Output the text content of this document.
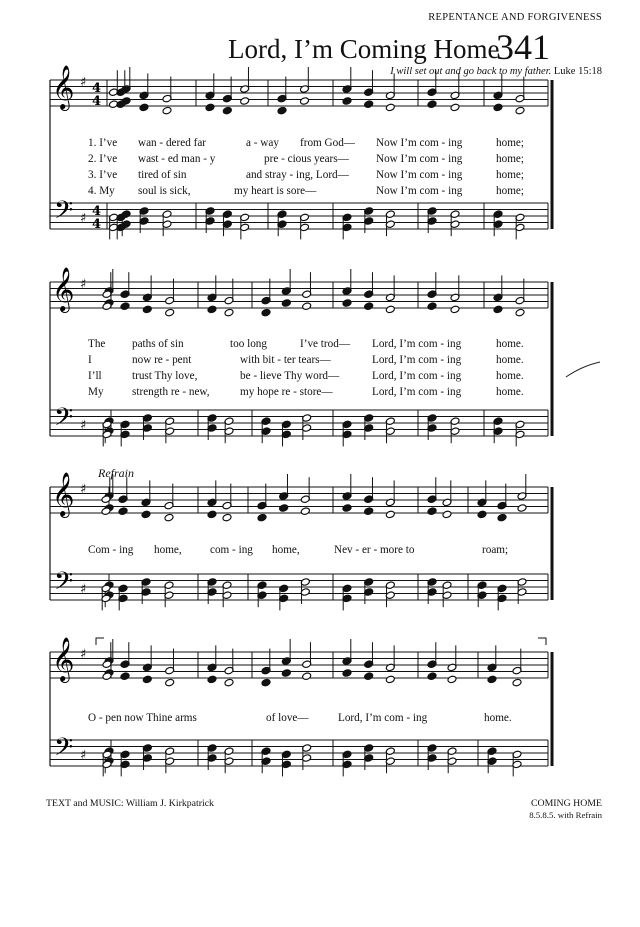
REPENTANCE AND FORGIVENESS
Lord, I’m Coming Home
341
I will set out and go back to my father. Luke 15:18
𝄞
𝄢
♯
♯
4
4
4
4
𝄞
𝄢
♯
♯
𝄞
𝄢
♯
♯
𝄞
𝄢
♯
♯
Refrain
1. I’ve wan - dered far	a - way from God— Now I’m com - ing	home;
2. I’ve wast - ed man - y	pre - cious years— Now I’m com - ing	home;
3. I’ve tired of sin	and stray - ing, Lord— Now I’m com - ing	home;
4. My soul is sick,	my heart is sore—	Now I’m com - ing	home;
The paths of sin	too long	I’ve trod— Lord, I’m com - ing	home.
I	now re - pent	with bit - ter tears—	Lord, I’m com - ing	home.
I’ll	trust Thy love,	be - lieve Thy word—	Lord, I’m com - ing	home.
My	strength re - new,	my hope re - store—	Lord, I’m com - ing	home.
Com - ing home,	com - ing home,	Nev - er - more to	roam;
O - pen now Thine arms	of love—	Lord, I’m com - ing	home.
TEXT and MUSIC: William J. Kirkpatrick	COMING HOME
8.5.8.5. with Refrain
